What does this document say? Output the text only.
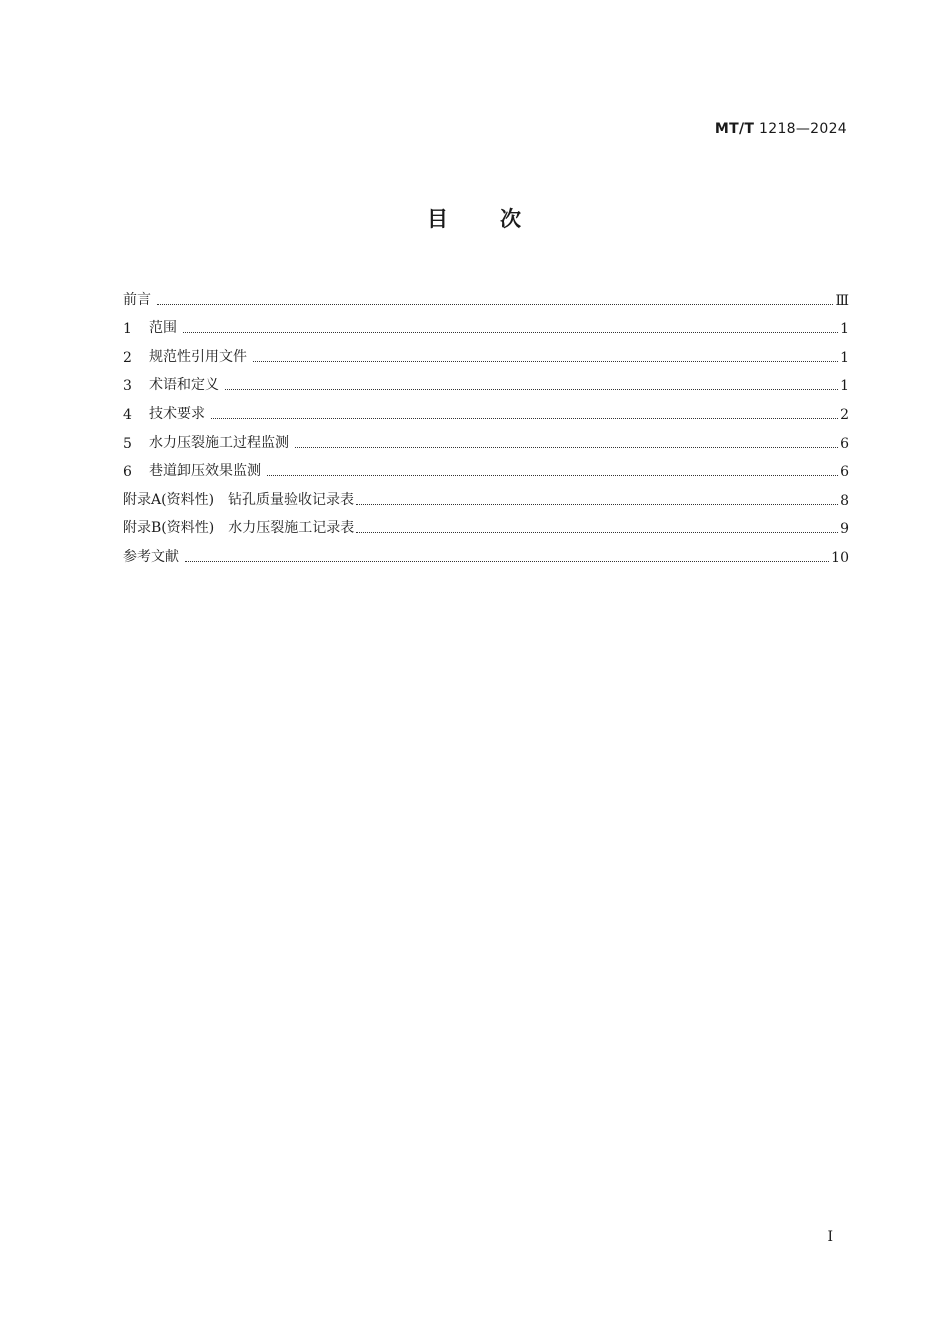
MT/T 1218—2024
目 次
前言	Ⅲ
1	范围	1
2	规范性引用文件	1
3	术语和定义	1
4	技术要求	2
5	水力压裂施工过程监测	6
6	巷道卸压效果监测	6
附录A(资料性)　钻孔质量验收记录表	8
附录B(资料性)　水力压裂施工记录表	9
参考文献	10
I
